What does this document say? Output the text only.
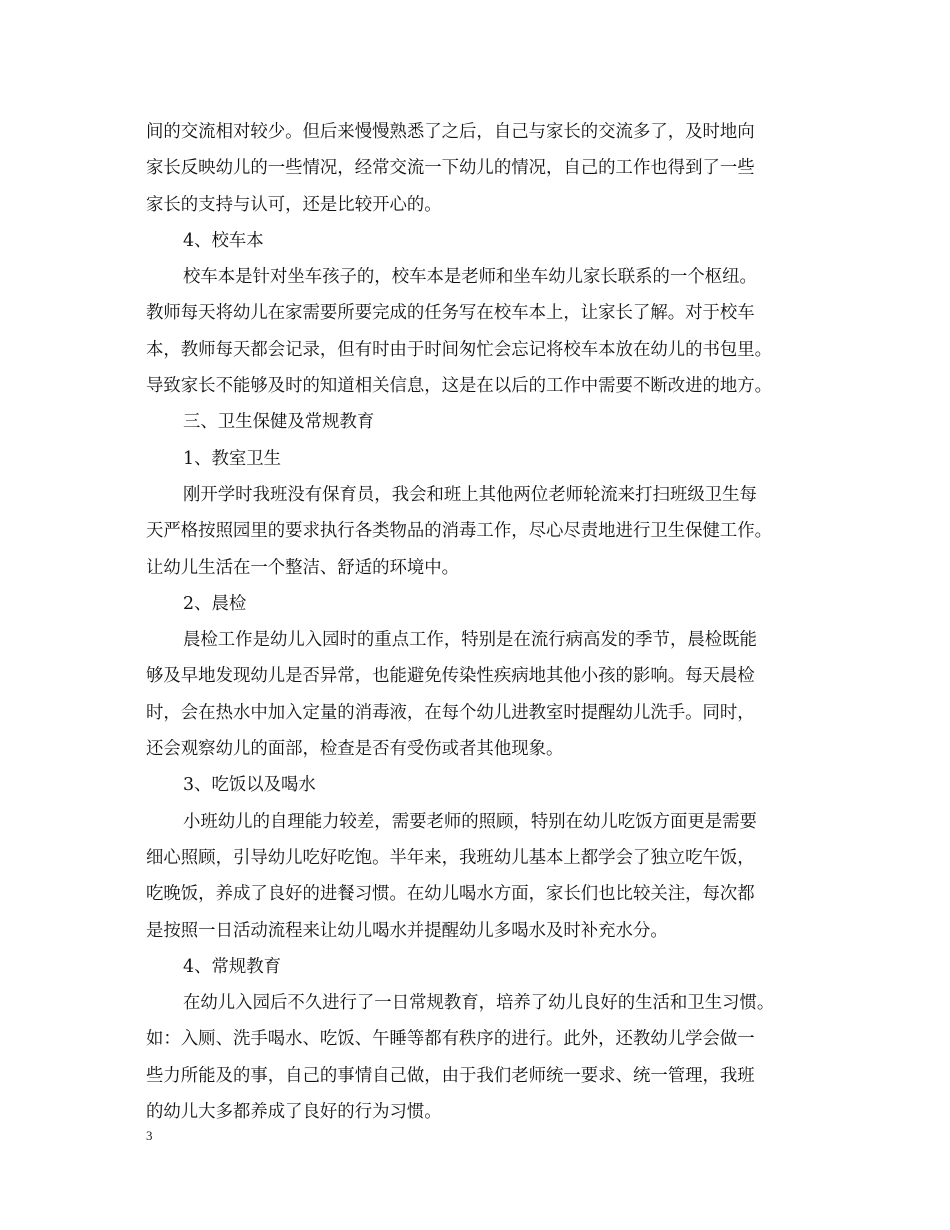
间的交流相对较少。但后来慢慢熟悉了之后，自己与家长的交流多了，及时地向
家长反映幼儿的一些情况，经常交流一下幼儿的情况，自己的工作也得到了一些
家长的支持与认可，还是比较开心的。
4、校车本
校车本是针对坐车孩子的，校车本是老师和坐车幼儿家长联系的一个枢纽。
教师每天将幼儿在家需要所要完成的任务写在校车本上，让家长了解。对于校车
本，教师每天都会记录，但有时由于时间匆忙会忘记将校车本放在幼儿的书包里。
导致家长不能够及时的知道相关信息，这是在以后的工作中需要不断改进的地方。
三、卫生保健及常规教育
1、教室卫生
刚开学时我班没有保育员，我会和班上其他两位老师轮流来打扫班级卫生每
天严格按照园里的要求执行各类物品的消毒工作，尽心尽责地进行卫生保健工作。
让幼儿生活在一个整洁、舒适的环境中。
2、晨检
晨检工作是幼儿入园时的重点工作，特别是在流行病高发的季节，晨检既能
够及早地发现幼儿是否异常，也能避免传染性疾病地其他小孩的影响。每天晨检
时，会在热水中加入定量的消毒液，在每个幼儿进教室时提醒幼儿洗手。同时，
还会观察幼儿的面部，检查是否有受伤或者其他现象。
3、吃饭以及喝水
小班幼儿的自理能力较差，需要老师的照顾，特别在幼儿吃饭方面更是需要
细心照顾，引导幼儿吃好吃饱。半年来，我班幼儿基本上都学会了独立吃午饭，
吃晚饭，养成了良好的进餐习惯。在幼儿喝水方面，家长们也比较关注，每次都
是按照一日活动流程来让幼儿喝水并提醒幼儿多喝水及时补充水分。
4、常规教育
在幼儿入园后不久进行了一日常规教育，培养了幼儿良好的生活和卫生习惯。
如：入厕、洗手喝水、吃饭、午睡等都有秩序的进行。此外，还教幼儿学会做一
些力所能及的事，自己的事情自己做，由于我们老师统一要求、统一管理，我班
的幼儿大多都养成了良好的行为习惯。
3
